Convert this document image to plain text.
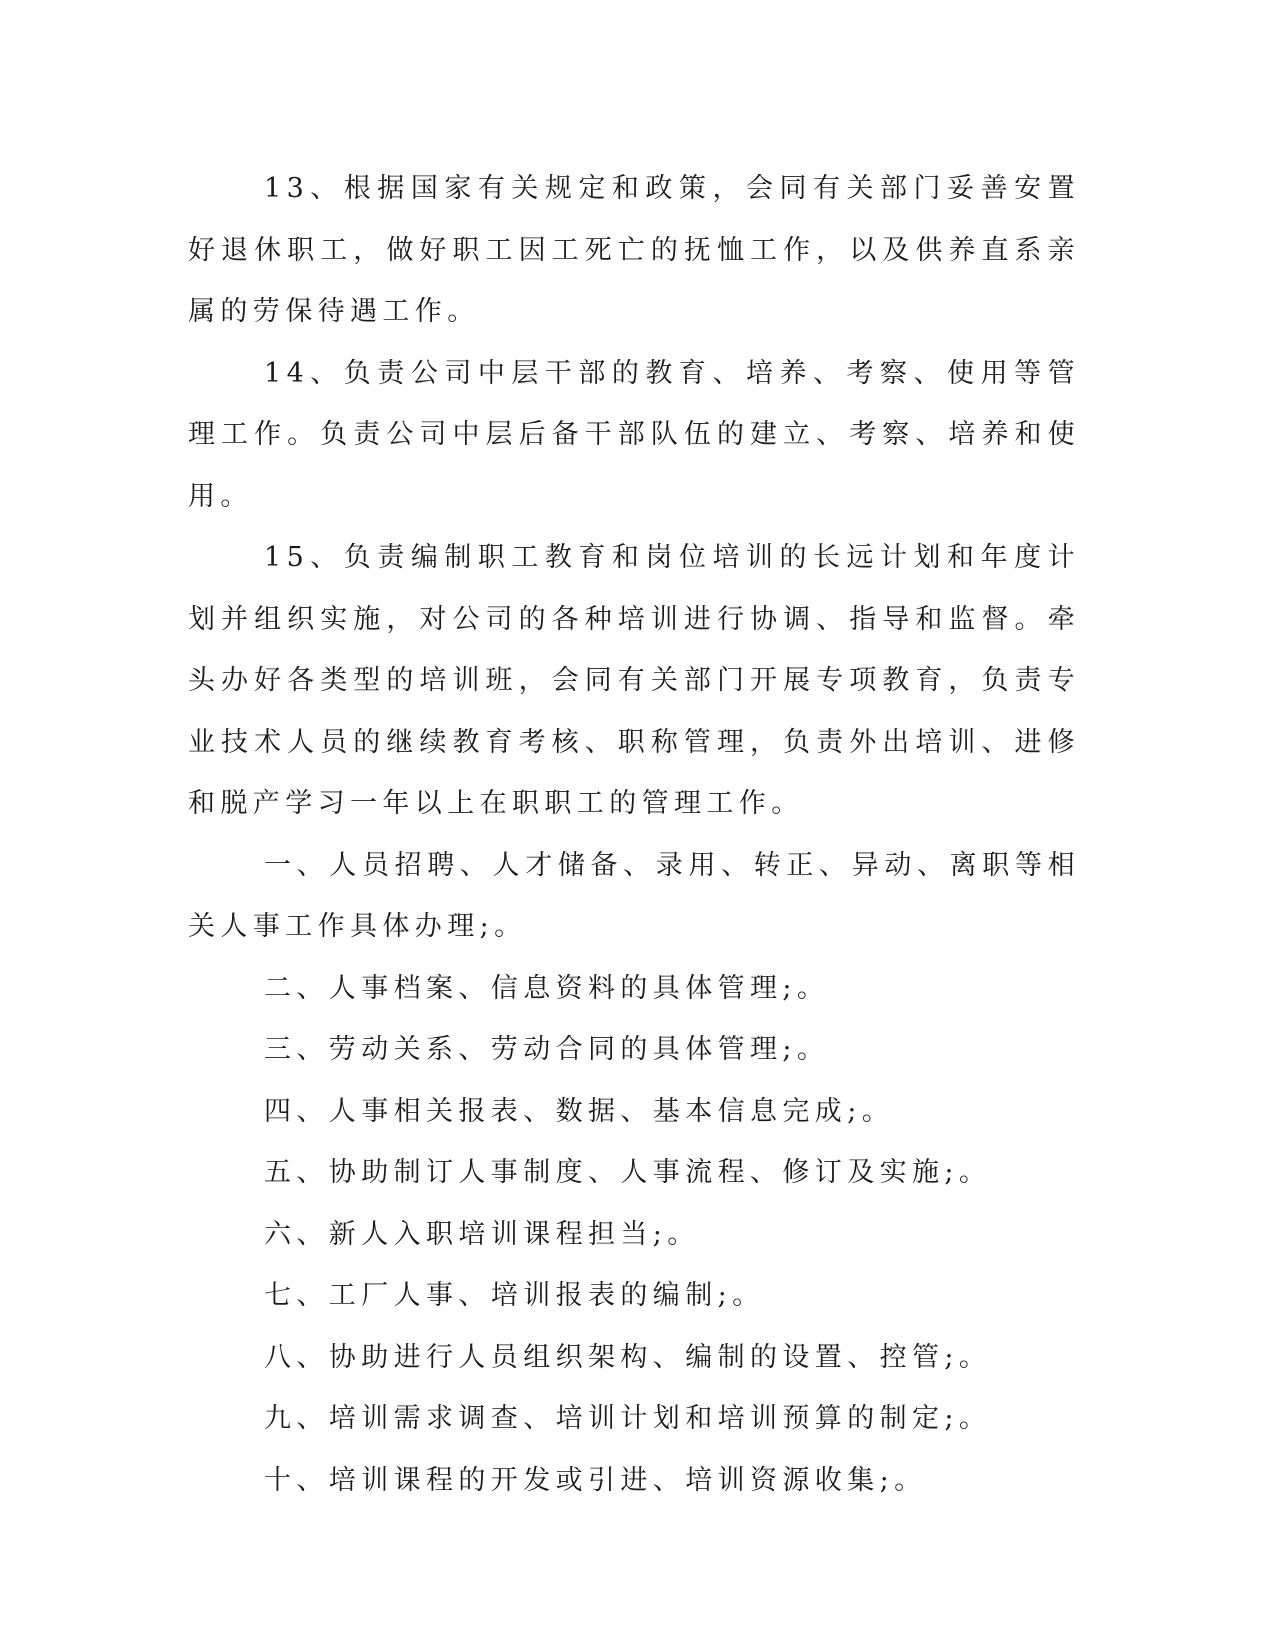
13、根据国家有关规定和政策，会同有关部门妥善安置好退休职工，做好职工因工死亡的抚恤工作，以及供养直系亲属的劳保待遇工作。

14、负责公司中层干部的教育、培养、考察、使用等管理工作。负责公司中层后备干部队伍的建立、考察、培养和使用。

15、负责编制职工教育和岗位培训的长远计划和年度计划并组织实施，对公司的各种培训进行协调、指导和监督。牵头办好各类型的培训班，会同有关部门开展专项教育，负责专业技术人员的继续教育考核、职称管理，负责外出培训、进修和脱产学习一年以上在职职工的管理工作。

一、人员招聘、人才储备、录用、转正、异动、离职等相关人事工作具体办理;。

二、人事档案、信息资料的具体管理;。

三、劳动关系、劳动合同的具体管理;。

四、人事相关报表、数据、基本信息完成;。

五、协助制订人事制度、人事流程、修订及实施;。

六、新人入职培训课程担当;。

七、工厂人事、培训报表的编制;。

八、协助进行人员组织架构、编制的设置、控管;。

九、培训需求调查、培训计划和培训预算的制定;。

十、培训课程的开发或引进、培训资源收集;。
